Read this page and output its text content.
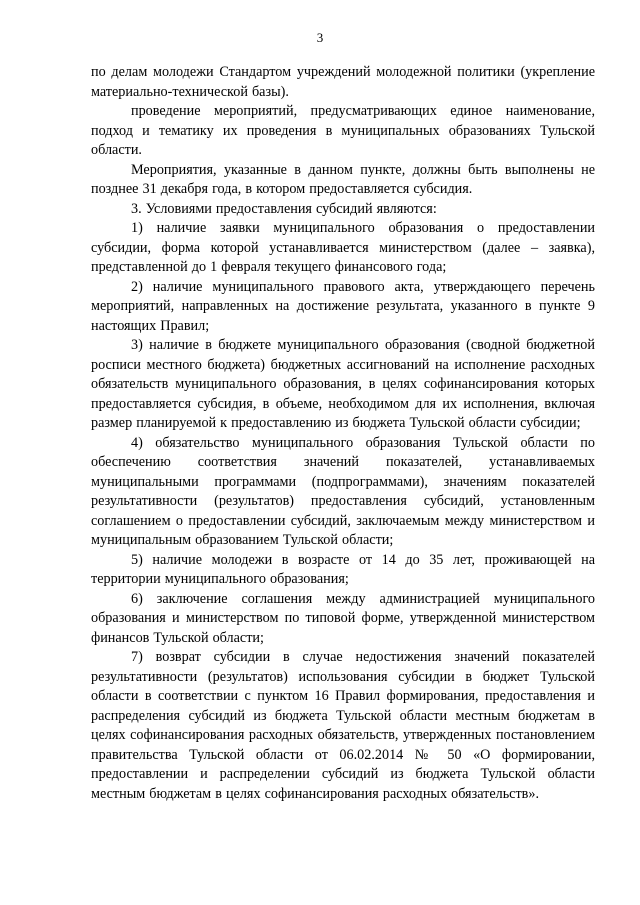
3

по делам молодежи Стандартом учреждений молодежной политики (укрепление материально-технической базы).

проведение мероприятий, предусматривающих единое наименование, подход и тематику их проведения в муниципальных образованиях Тульской области.

Мероприятия, указанные в данном пункте, должны быть выполнены не позднее 31 декабря года, в котором предоставляется субсидия.

3. Условиями предоставления субсидий являются:

1) наличие заявки муниципального образования о предоставлении субсидии, форма которой устанавливается министерством (далее – заявка), представленной до 1 февраля текущего финансового года;

2) наличие муниципального правового акта, утверждающего перечень мероприятий, направленных на достижение результата, указанного в пункте 9 настоящих Правил;

3) наличие в бюджете муниципального образования (сводной бюджетной росписи местного бюджета) бюджетных ассигнований на исполнение расходных обязательств муниципального образования, в целях софинансирования которых предоставляется субсидия, в объеме, необходимом для их исполнения, включая размер планируемой к предоставлению из бюджета Тульской области субсидии;

4) обязательство муниципального образования Тульской области по обеспечению соответствия значений показателей, устанавливаемых муниципальными программами (подпрограммами), значениям показателей результативности (результатов) предоставления субсидий, установленным соглашением о предоставлении субсидий, заключаемым между министерством и муниципальным образованием Тульской области;

5) наличие молодежи в возрасте от 14 до 35 лет, проживающей на территории муниципального образования;

6) заключение соглашения между администрацией муниципального образования и министерством по типовой форме, утвержденной министерством финансов Тульской области;

7) возврат субсидии в случае недостижения значений показателей результативности (результатов) использования субсидии в бюджет Тульской области в соответствии с пунктом 16 Правил формирования, предоставления и распределения субсидий из бюджета Тульской области местным бюджетам в целях софинансирования расходных обязательств, утвержденных постановлением правительства Тульской области от 06.02.2014 № 50 «О формировании, предоставлении и распределении субсидий из бюджета Тульской области местным бюджетам в целях софинансирования расходных обязательств».
